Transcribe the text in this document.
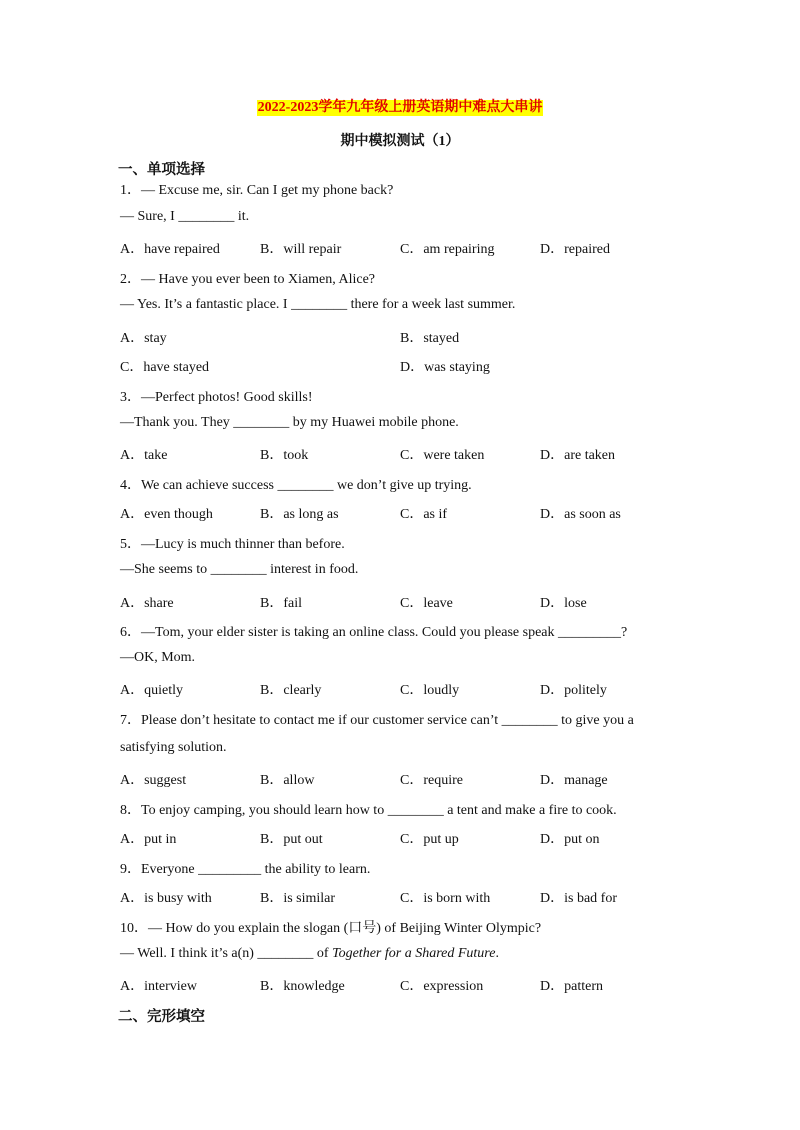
2022-2023学年九年级上册英语期中难点大串讲
期中模拟测试（1）
一、单项选择
1．— Excuse me, sir. Can I get my phone back?
— Sure, I ________ it.
A．have repaired	B．will repair	C．am repairing	D．repaired
2．— Have you ever been to Xiamen, Alice?
— Yes. It’s a fantastic place. I ________ there for a week last summer.
A．stay	B．stayed
C．have stayed	D．was staying
3．—Perfect photos! Good skills!
—Thank you. They ________ by my Huawei mobile phone.
A．take	B．took	C．were taken	D．are taken
4．We can achieve success ________ we don’t give up trying.
A．even though	B．as long as	C．as if	D．as soon as
5．—Lucy is much thinner than before.
—She seems to ________ interest in food.
A．share	B．fail	C．leave	D．lose
6．—Tom, your elder sister is taking an online class. Could you please speak _________?
—OK, Mom.
A．quietly	B．clearly	C．loudly	D．politely
7．Please don’t hesitate to contact me if our customer service can’t ________ to give you a
satisfying solution.
A．suggest	B．allow	C．require	D．manage
8．To enjoy camping, you should learn how to ________ a tent and make a fire to cook.
A．put in	B．put out	C．put up	D．put on
9．Everyone _________ the ability to learn.
A．is busy with	B．is similar	C．is born with	D．is bad for
10．— How do you explain the slogan (口号) of Beijing Winter Olympic?
— Well. I think it’s a(n) ________ of Together for a Shared Future.
A．interview	B．knowledge	C．expression	D．pattern
二、完形填空
